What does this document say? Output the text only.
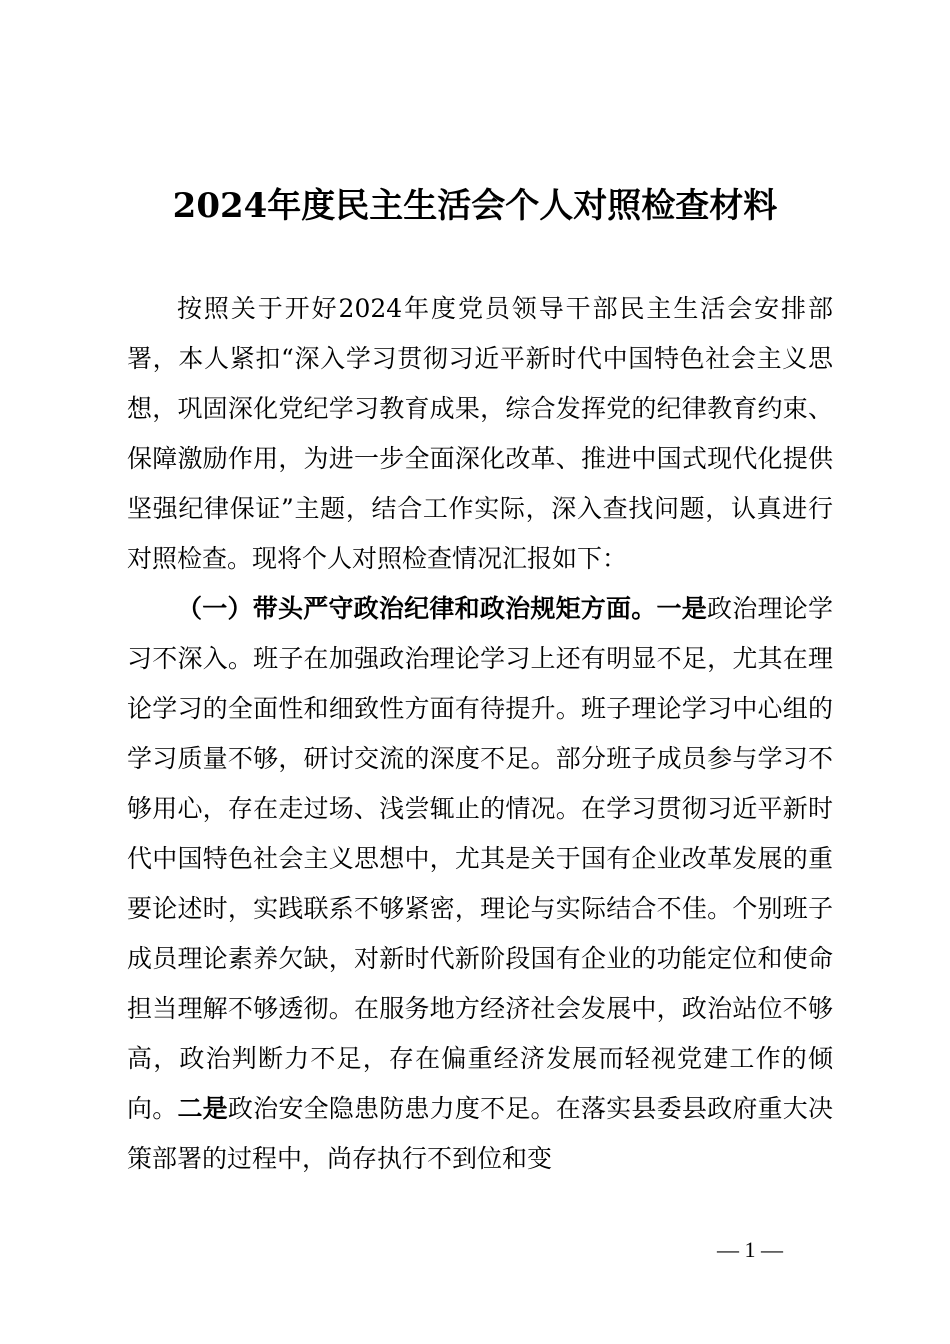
2024年度民主生活会个人对照检查材料

按照关于开好2024年度党员领导干部民主生活会安排部署，本人紧扣“深入学习贯彻习近平新时代中国特色社会主义思想，巩固深化党纪学习教育成果，综合发挥党的纪律教育约束、保障激励作用，为进一步全面深化改革、推进中国式现代化提供坚强纪律保证”主题，结合工作实际，深入查找问题，认真进行对照检查。现将个人对照检查情况汇报如下：

（一）带头严守政治纪律和政治规矩方面。一是政治理论学习不深入。班子在加强政治理论学习上还有明显不足，尤其在理论学习的全面性和细致性方面有待提升。班子理论学习中心组的学习质量不够，研讨交流的深度不足。部分班子成员参与学习不够用心，存在走过场、浅尝辄止的情况。在学习贯彻习近平新时代中国特色社会主义思想中，尤其是关于国有企业改革发展的重要论述时，实践联系不够紧密，理论与实际结合不佳。个别班子成员理论素养欠缺，对新时代新阶段国有企业的功能定位和使命担当理解不够透彻。在服务地方经济社会发展中，政治站位不够高，政治判断力不足，存在偏重经济发展而轻视党建工作的倾向。二是政治安全隐患防患力度不足。在落实县委县政府重大决策部署的过程中，尚存执行不到位和变

— 1 —
